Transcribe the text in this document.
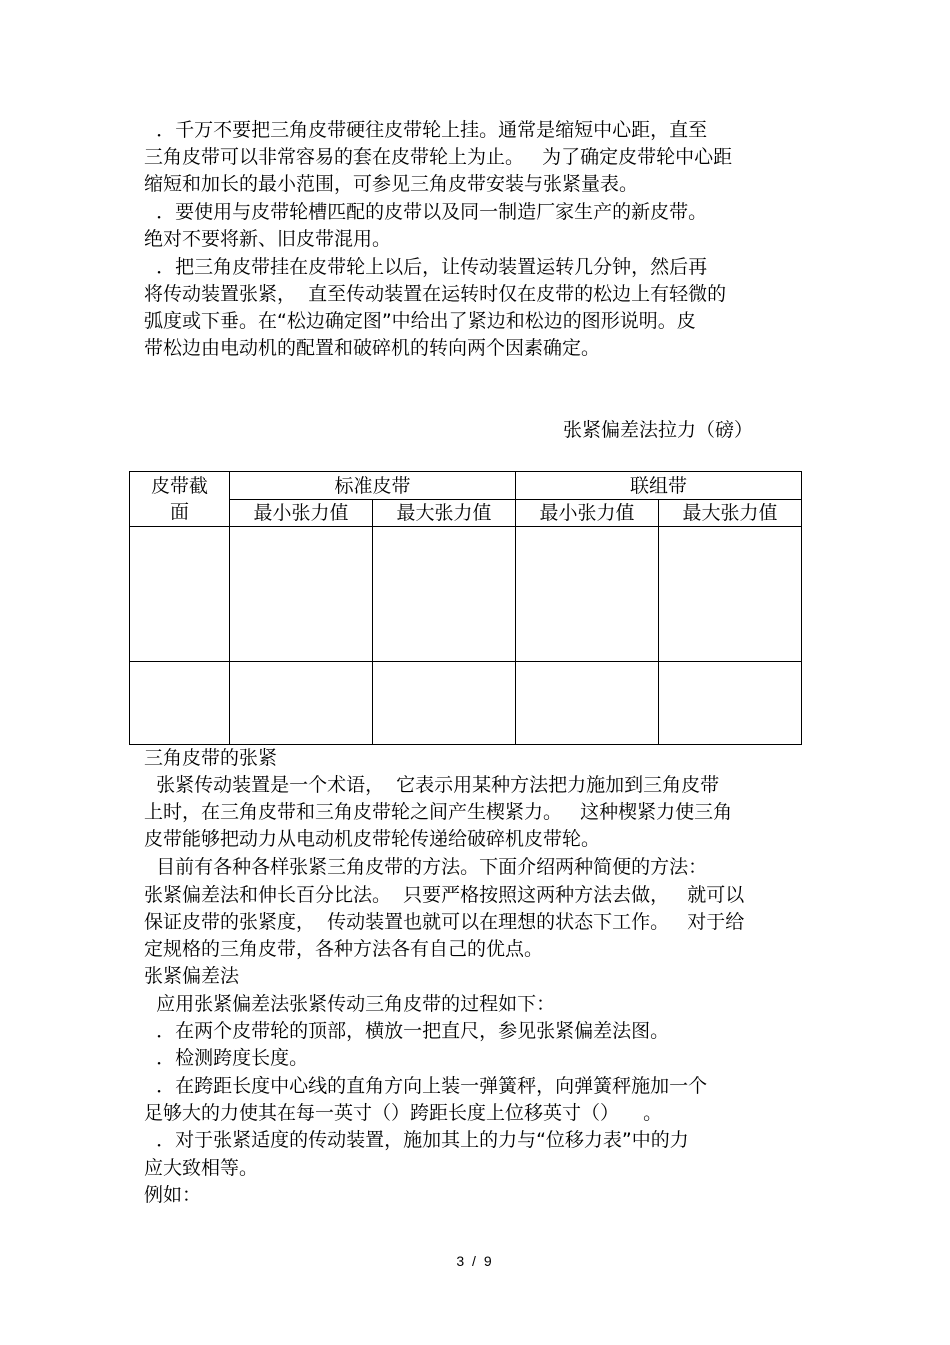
．千万不要把三角皮带硬往皮带轮上挂。通常是缩短中心距，直至
三角皮带可以非常容易的套在皮带轮上为止。   为了确定皮带轮中心距
缩短和加长的最小范围，可参见三角皮带安装与张紧量表。
．要使用与皮带轮槽匹配的皮带以及同一制造厂家生产的新皮带。
绝对不要将新、旧皮带混用。
．把三角皮带挂在皮带轮上以后，让传动装置运转几分钟，然后再
将传动装置张紧，  直至传动装置在运转时仅在皮带的松边上有轻微的
弧度或下垂。在“松边确定图”中给出了紧边和松边的图形说明。皮
带松边由电动机的配置和破碎机的转向两个因素确定。
张紧偏差法拉力（磅）
皮带截
面	标准皮带		联组带	
	最小张力值	最大张力值	最小张力值	最大张力值

三角皮带的张紧
张紧传动装置是一个术语，  它表示用某种方法把力施加到三角皮带
上时，在三角皮带和三角皮带轮之间产生楔紧力。   这种楔紧力使三角
皮带能够把动力从电动机皮带轮传递给破碎机皮带轮。
目前有各种各样张紧三角皮带的方法。下面介绍两种简便的方法：
张紧偏差法和伸长百分比法。  只要严格按照这两种方法去做，   就可以
保证皮带的张紧度，  传动装置也就可以在理想的状态下工作。   对于给
定规格的三角皮带，各种方法各有自己的优点。
张紧偏差法
应用张紧偏差法张紧传动三角皮带的过程如下：
．在两个皮带轮的顶部，横放一把直尺，参见张紧偏差法图。
．检测跨度长度。
．在跨距长度中心线的直角方向上装一弹簧秤，向弹簧秤施加一个
足够大的力使其在每一英寸（）跨距长度上位移英寸（）    。
．对于张紧适度的传动装置，施加其上的力与“位移力表”中的力
应大致相等。
例如：
3 / 9
